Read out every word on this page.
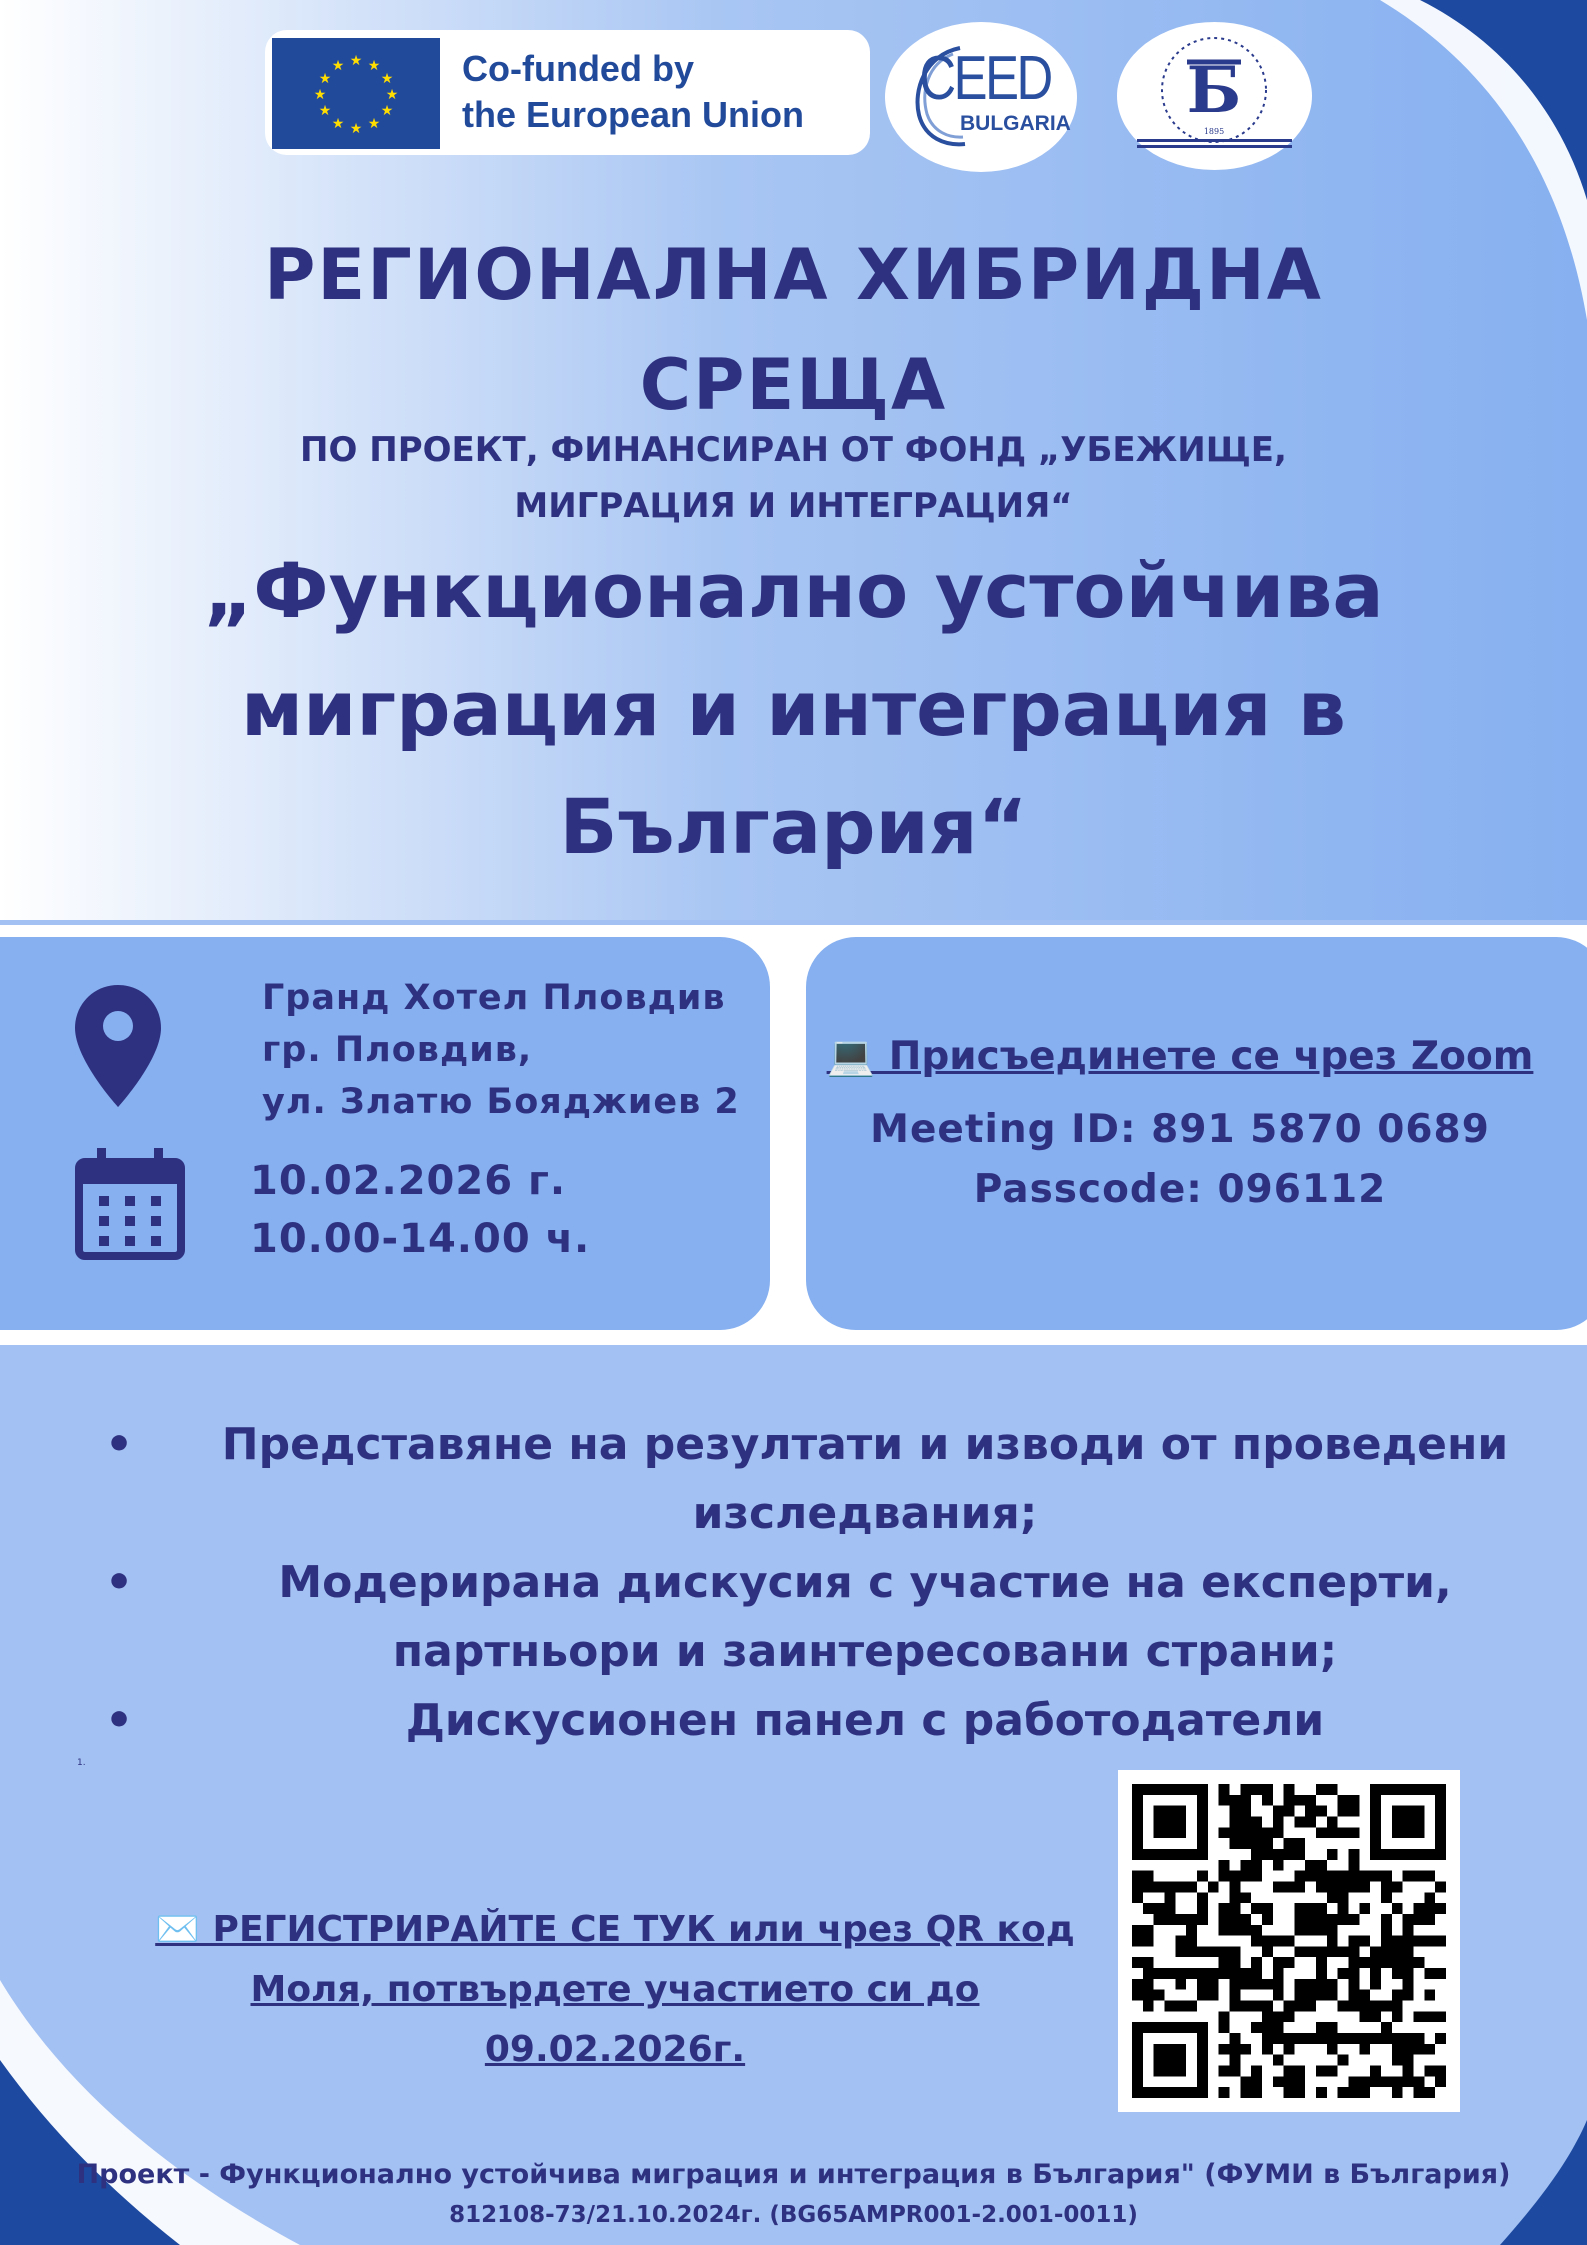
★ ★
★
★
★
★
★
★
★
★
★
★	Co-funded by
the European Union
CEED
BULGARIA Б
1895
РЕГИОНАЛНА ХИБРИДНА
СРЕЩА
ПО ПРОЕКТ, ФИНАНСИРАН ОТ ФОНД „УБЕЖИЩЕ,
МИГРАЦИЯ И ИНТЕГРАЦИЯ“
„Функционално устойчива
миграция и интеграция в
България“
Гранд Хотел Пловдив
гр. Пловдив,
ул. Златю Бояджиев 2
10.02.2026 г.
10.00-14.00 ч.
💻 Присъединете се чрез Zoom
Meeting ID: 891 5870 0689
Passcode: 096112
•	Представяне на резултати и изводи от проведени
изследвания;
•	Модерирана дискусия с участие на експерти,
партньори и заинтересовани страни;
•	Дискусионен панел с работодатели
1.
✉️ РЕГИСТРИРАЙТЕ СЕ ТУК или чрез QR код
Моля, потвърдете участието си до 09.02.2026г.
Проект - Функционално устойчива миграция и интеграция в България" (ФУМИ в България)
812108-73/21.10.2024г. (BG65AMPR001-2.001-0011)
